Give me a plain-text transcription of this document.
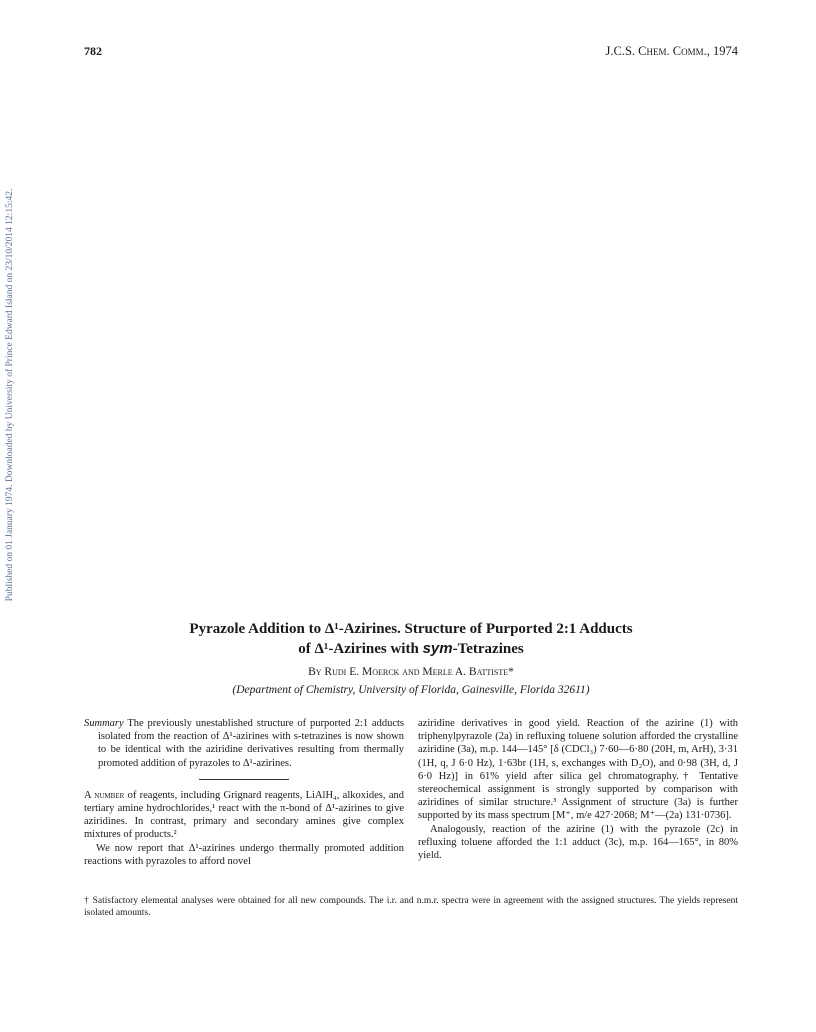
782	J.C.S. Chem. Comm., 1974
Published on 01 January 1974. Downloaded by University of Prince Edward Island on 23/10/2014 12:15:42.
Pyrazole Addition to Δ¹-Azirines. Structure of Purported 2:1 Adducts
of Δ¹-Azirines with sym-Tetrazines
By Rudi E. Moerck and Merle A. Battiste*
(Department of Chemistry, University of Florida, Gainesville, Florida 32611)

Summary The previously unestablished structure of purported 2:1 adducts isolated from the reaction of Δ¹-azirines with s-tetrazines is now shown to be identical with the aziridine derivatives resulting from thermally promoted addition of pyrazoles to Δ¹-azirines.

A number of reagents, including Grignard reagents, LiAlH₄, alkoxides, and tertiary amine hydrochlorides,¹ react with the π-bond of Δ¹-azirines to give aziridines. In contrast, primary and secondary amines give complex mixtures of products.²

We now report that Δ¹-azirines undergo thermally promoted addition reactions with pyrazoles to afford novel

aziridine derivatives in good yield. Reaction of the azirine (1) with triphenylpyrazole (2a) in refluxing toluene solution afforded the crystalline aziridine (3a), m.p. 144—145° [δ (CDCl₃) 7·60—6·80 (20H, m, ArH), 3·31 (1H, q, J 6·0 Hz), 1·63br (1H, s, exchanges with D₂O), and 0·98 (3H, d, J 6·0 Hz)] in 61% yield after silica gel chromatography.† Tentative stereochemical assignment is strongly supported by comparison with aziridines of similar structure.³ Assignment of structure (3a) is further supported by its mass spectrum [M⁺, m/e 427·2068; M⁺—(2a) 131·0736].

Analogously, reaction of the azirine (1) with the pyrazole (2c) in refluxing toluene afforded the 1:1 adduct (3c), m.p. 164—165°, in 80% yield.

† Satisfactory elemental analyses were obtained for all new compounds. The i.r. and n.m.r. spectra were in agreement with the assigned structures. The yields represent isolated amounts.
